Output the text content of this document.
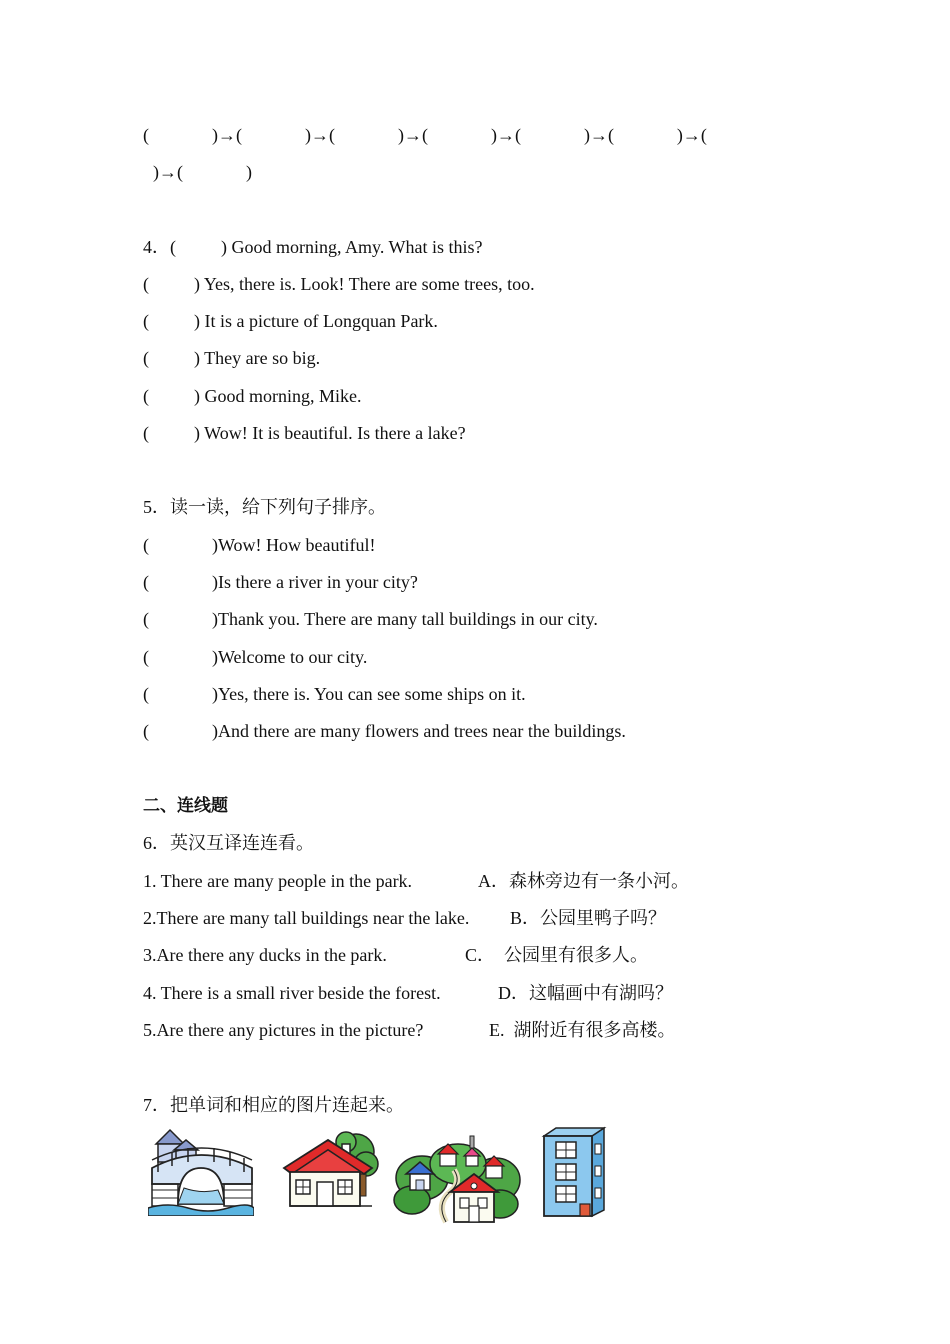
(              )→(              )→(              )→(              )→(              )→(              )→(
)→(              )
4．(          ) Good morning, Amy. What is this?
(          ) Yes, there is. Look! There are some trees, too.
(          ) It is a picture of Longquan Park.
(          ) They are so big.
(          ) Good morning, Mike.
(          ) Wow! It is beautiful. Is there a lake?
5．读一读，给下列句子排序。
(              )Wow! How beautiful!
(              )Is there a river in your city?
(              )Thank you. There are many tall buildings in our city.
(              )Welcome to our city.
(              )Yes, there is. You can see some ships on it.
(              )And there are many flowers and trees near the buildings.
二、连线题
6．英汉互译连连看。
1. There are many people in the park.	A．森林旁边有一条小河。
2.There are many tall buildings near the lake. B．公园里鸭子吗？
3.Are there any ducks in the park.	C．  公园里有很多人。
4. There is a small river beside the forest.	D．这幅画中有湖吗？
5.Are there any pictures in the picture?	E.  湖附近有很多高楼。
7．把单词和相应的图片连起来。
